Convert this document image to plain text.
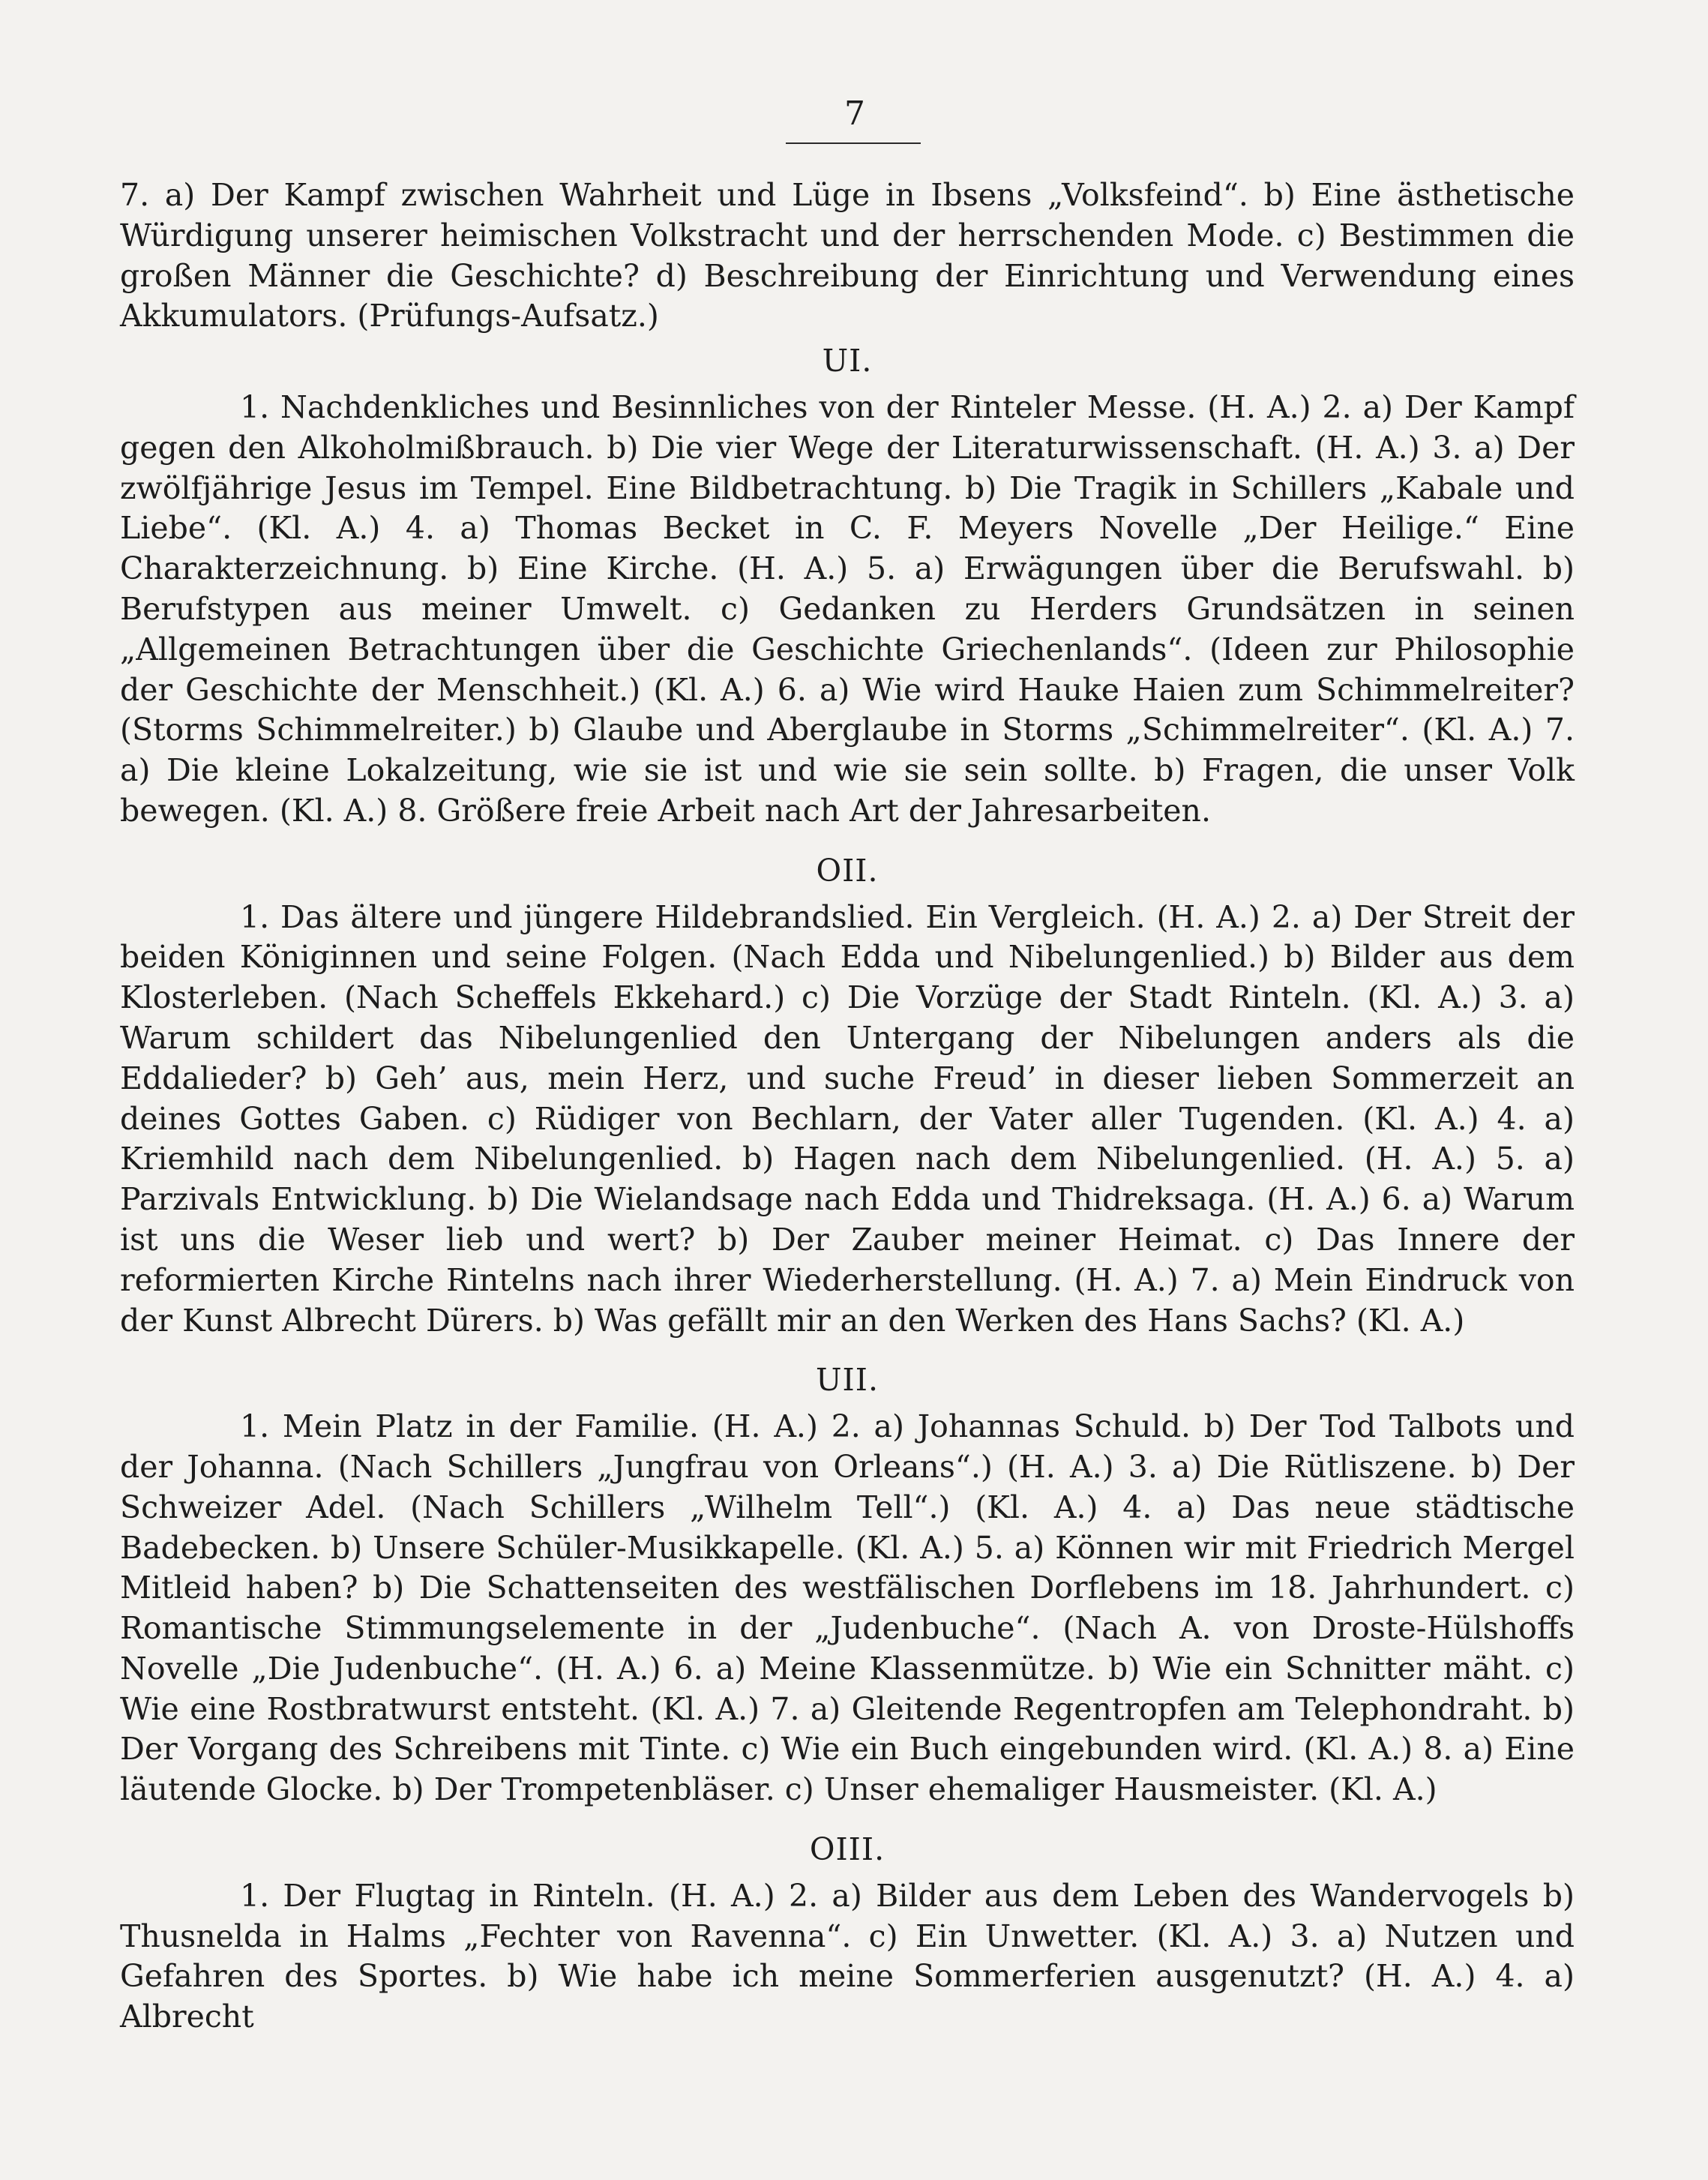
7

7. a) Der Kampf zwischen Wahrheit und Lüge in Ibsens „Volksfeind“. b) Eine ästhetische Würdigung unserer heimischen Volkstracht und der herrschenden Mode. c) Bestimmen die großen Männer die Geschichte? d) Beschreibung der Einrichtung und Verwendung eines Akkumulators. (Prüfungs-Aufsatz.)

UI.

1. Nachdenkliches und Besinnliches von der Rinteler Messe. (H. A.) 2. a) Der Kampf gegen den Alkoholmißbrauch. b) Die vier Wege der Literaturwissenschaft. (H. A.) 3. a) Der zwölfjährige Jesus im Tempel. Eine Bildbetrachtung. b) Die Tragik in Schillers „Kabale und Liebe“. (Kl. A.) 4. a) Thomas Becket in C. F. Meyers Novelle „Der Heilige.“ Eine Charakterzeichnung. b) Eine Kirche. (H. A.) 5. a) Erwägungen über die Berufswahl. b) Berufstypen aus meiner Umwelt. c) Gedanken zu Herders Grundsätzen in seinen „Allgemeinen Betrachtungen über die Geschichte Griechenlands“. (Ideen zur Philosophie der Geschichte der Menschheit.) (Kl. A.) 6. a) Wie wird Hauke Haien zum Schimmelreiter? (Storms Schimmelreiter.) b) Glaube und Aberglaube in Storms „Schimmelreiter“. (Kl. A.) 7. a) Die kleine Lokalzeitung, wie sie ist und wie sie sein sollte. b) Fragen, die unser Volk bewegen. (Kl. A.) 8. Größere freie Arbeit nach Art der Jahresarbeiten.

OII.

1. Das ältere und jüngere Hildebrandslied. Ein Vergleich. (H. A.) 2. a) Der Streit der beiden Königinnen und seine Folgen. (Nach Edda und Nibelungenlied.) b) Bilder aus dem Klosterleben. (Nach Scheffels Ekkehard.) c) Die Vorzüge der Stadt Rinteln. (Kl. A.) 3. a) Warum schildert das Nibelungenlied den Untergang der Nibelungen anders als die Eddalieder? b) Geh’ aus, mein Herz, und suche Freud’ in dieser lieben Sommerzeit an deines Gottes Gaben. c) Rüdiger von Bechlarn, der Vater aller Tugenden. (Kl. A.) 4. a) Kriemhild nach dem Nibelungenlied. b) Hagen nach dem Nibelungenlied. (H. A.) 5. a) Parzivals Entwicklung. b) Die Wielandsage nach Edda und Thidreksaga. (H. A.) 6. a) Warum ist uns die Weser lieb und wert? b) Der Zauber meiner Heimat. c) Das Innere der reformierten Kirche Rintelns nach ihrer Wiederherstellung. (H. A.) 7. a) Mein Eindruck von der Kunst Albrecht Dürers. b) Was gefällt mir an den Werken des Hans Sachs? (Kl. A.)

UII.

1. Mein Platz in der Familie. (H. A.) 2. a) Johannas Schuld. b) Der Tod Talbots und der Johanna. (Nach Schillers „Jungfrau von Orleans“.) (H. A.) 3. a) Die Rütliszene. b) Der Schweizer Adel. (Nach Schillers „Wilhelm Tell“.) (Kl. A.) 4. a) Das neue städtische Badebecken. b) Unsere Schüler-Musikkapelle. (Kl. A.) 5. a) Können wir mit Friedrich Mergel Mitleid haben? b) Die Schattenseiten des westfälischen Dorflebens im 18. Jahrhundert. c) Romantische Stimmungselemente in der „Judenbuche“. (Nach A. von Droste-Hülshoffs Novelle „Die Judenbuche“. (H. A.) 6. a) Meine Klassenmütze. b) Wie ein Schnitter mäht. c) Wie eine Rostbratwurst entsteht. (Kl. A.) 7. a) Gleitende Regentropfen am Telephondraht. b) Der Vorgang des Schreibens mit Tinte. c) Wie ein Buch eingebunden wird. (Kl. A.) 8. a) Eine läutende Glocke. b) Der Trompetenbläser. c) Unser ehemaliger Hausmeister. (Kl. A.)

OIII.

1. Der Flugtag in Rinteln. (H. A.) 2. a) Bilder aus dem Leben des Wandervogels b) Thusnelda in Halms „Fechter von Ravenna“. c) Ein Unwetter. (Kl. A.) 3. a) Nutzen und Gefahren des Sportes. b) Wie habe ich meine Sommerferien ausgenutzt? (H. A.) 4. a) Albrecht
